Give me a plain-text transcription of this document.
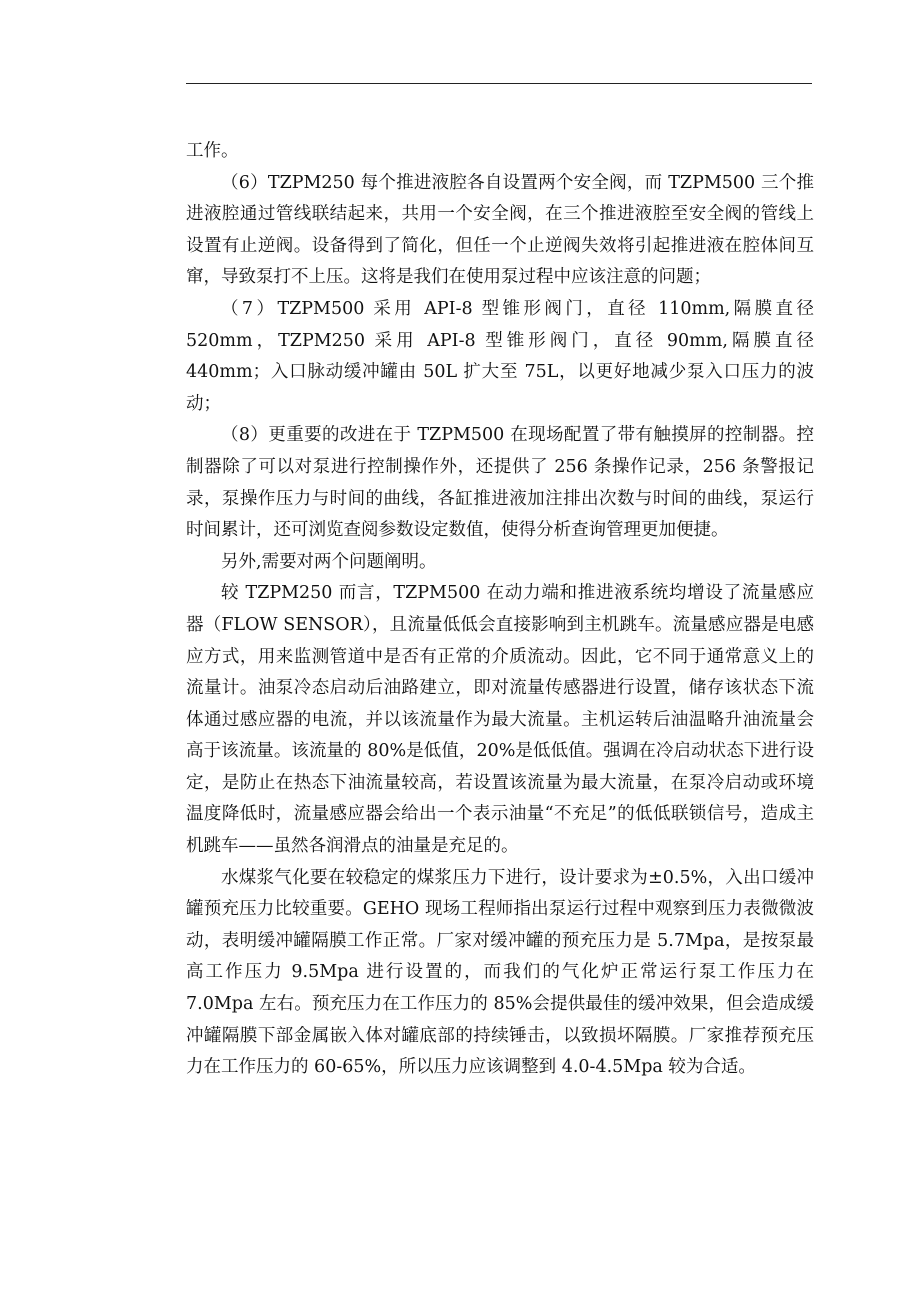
工作。

（6）TZPM250 每个推进液腔各自设置两个安全阀，而 TZPM500 三个推进液腔通过管线联结起来，共用一个安全阀，在三个推进液腔至安全阀的管线上设置有止逆阀。设备得到了简化，但任一个止逆阀失效将引起推进液在腔体间互窜，导致泵打不上压。这将是我们在使用泵过程中应该注意的问题；

（7）TZPM500 采用 API-8 型锥形阀门，直径 110mm,隔膜直径 520mm，TZPM250 采用 API-8 型锥形阀门，直径 90mm,隔膜直径 440mm；入口脉动缓冲罐由 50L 扩大至 75L，以更好地减少泵入口压力的波动；

（8）更重要的改进在于 TZPM500 在现场配置了带有触摸屏的控制器。控制器除了可以对泵进行控制操作外，还提供了 256 条操作记录，256 条警报记录，泵操作压力与时间的曲线，各缸推进液加注排出次数与时间的曲线，泵运行时间累计，还可浏览查阅参数设定数值，使得分析查询管理更加便捷。

另外,需要对两个问题阐明。

较 TZPM250 而言，TZPM500 在动力端和推进液系统均增设了流量感应器（FLOW SENSOR），且流量低低会直接影响到主机跳车。流量感应器是电感应方式，用来监测管道中是否有正常的介质流动。因此，它不同于通常意义上的流量计。油泵冷态启动后油路建立，即对流量传感器进行设置，储存该状态下流体通过感应器的电流，并以该流量作为最大流量。主机运转后油温略升油流量会高于该流量。该流量的 80%是低值，20%是低低值。强调在冷启动状态下进行设定，是防止在热态下油流量较高，若设置该流量为最大流量，在泵冷启动或环境温度降低时，流量感应器会给出一个表示油量“不充足”的低低联锁信号，造成主机跳车——虽然各润滑点的油量是充足的。

水煤浆气化要在较稳定的煤浆压力下进行，设计要求为±0.5%，入出口缓冲罐预充压力比较重要。GEHO 现场工程师指出泵运行过程中观察到压力表微微波动，表明缓冲罐隔膜工作正常。厂家对缓冲罐的预充压力是 5.7Mpa，是按泵最高工作压力 9.5Mpa 进行设置的，而我们的气化炉正常运行泵工作压力在 7.0Mpa 左右。预充压力在工作压力的 85%会提供最佳的缓冲效果，但会造成缓冲罐隔膜下部金属嵌入体对罐底部的持续锤击，以致损坏隔膜。厂家推荐预充压力在工作压力的 60-65%，所以压力应该调整到 4.0-4.5Mpa 较为合适。
